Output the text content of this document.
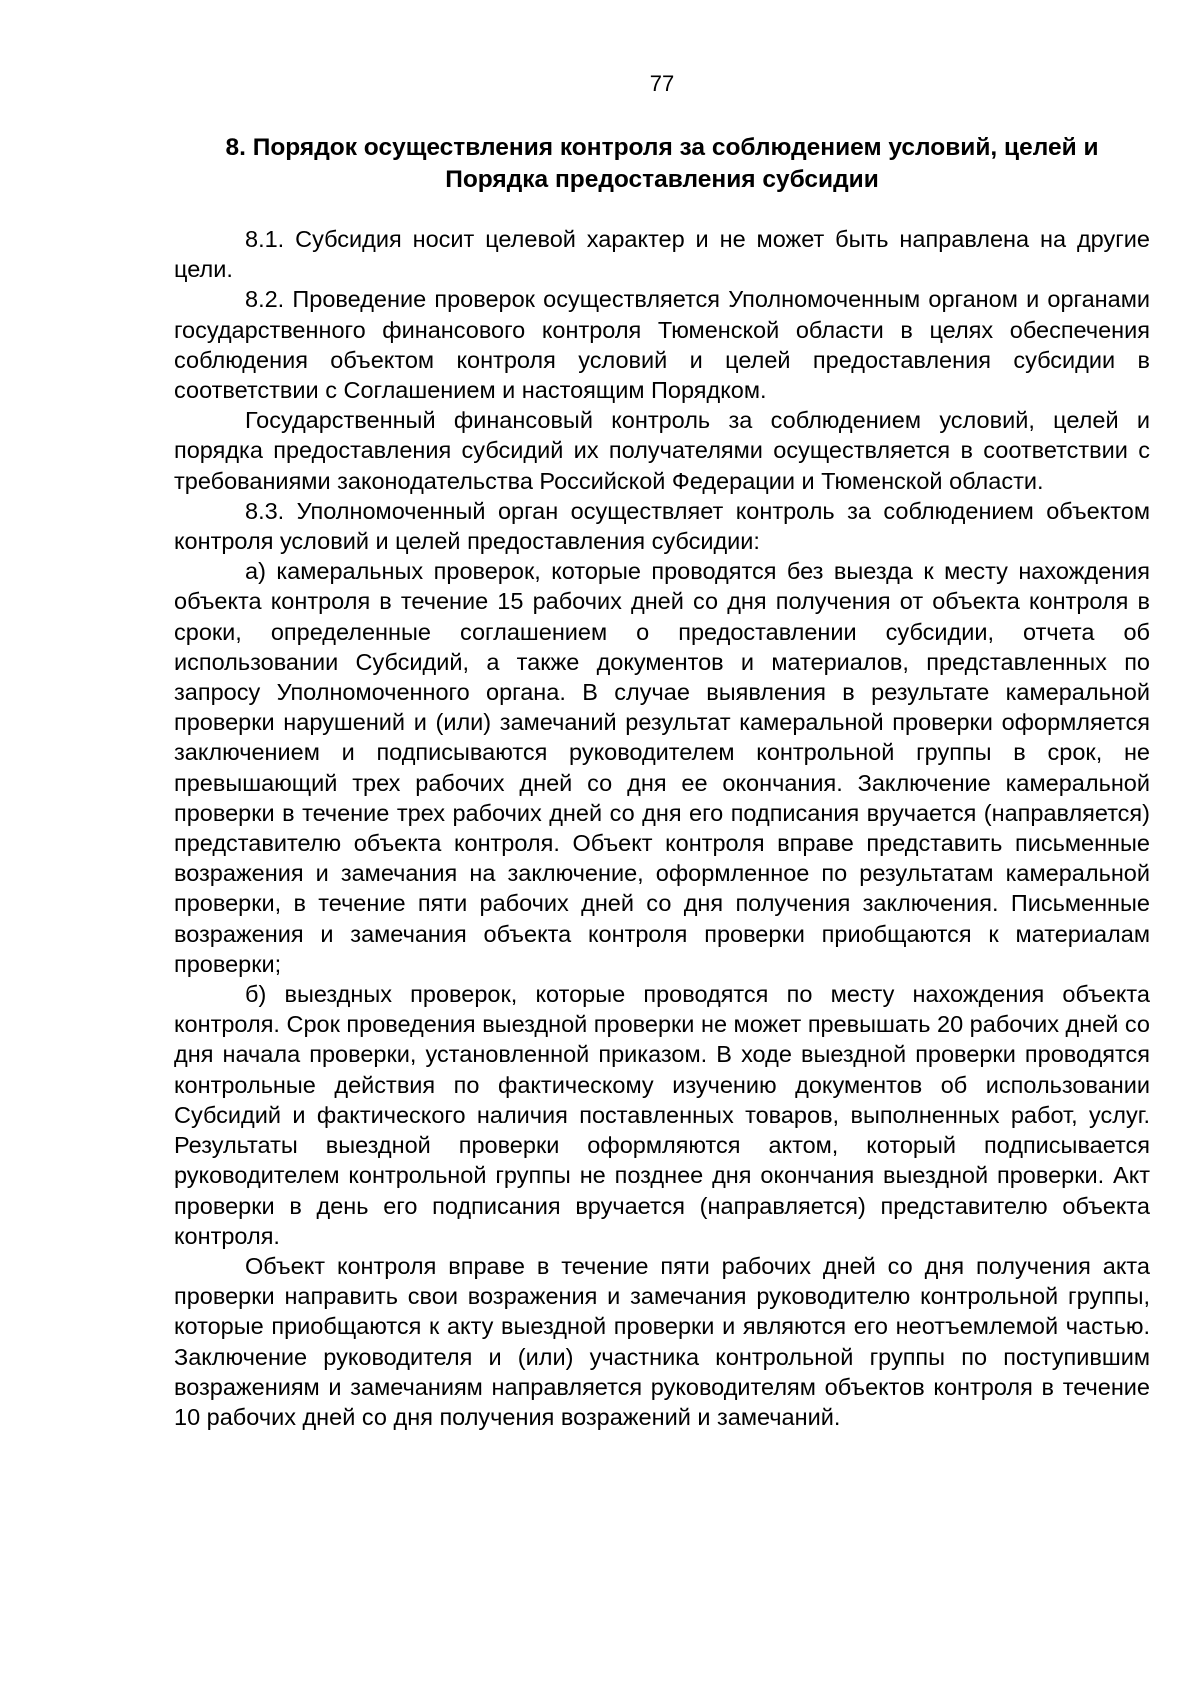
77
8. Порядок осуществления контроля за соблюдением условий, целей и
Порядка предоставления субсидии

8.1. Субсидия носит целевой характер и не может быть направлена на другие цели.

8.2. Проведение проверок осуществляется Уполномоченным органом и органами государственного финансового контроля Тюменской области в целях обеспечения соблюдения объектом контроля условий и целей предоставления субсидии в соответствии с Соглашением и настоящим Порядком.

Государственный финансовый контроль за соблюдением условий, целей и порядка предоставления субсидий их получателями осуществляется в соответствии с требованиями законодательства Российской Федерации и Тюменской области.

8.3. Уполномоченный орган осуществляет контроль за соблюдением объектом контроля условий и целей предоставления субсидии:

а) камеральных проверок, которые проводятся без выезда к месту нахождения объекта контроля в течение 15 рабочих дней со дня получения от объекта контроля в сроки, определенные соглашением о предоставлении субсидии, отчета об использовании Субсидий, а также документов и материалов, представленных по запросу Уполномоченного органа. В случае выявления в результате камеральной проверки нарушений и (или) замечаний результат камеральной проверки оформляется заключением и подписываются руководителем контрольной группы в срок, не превышающий трех рабочих дней со дня ее окончания. Заключение камеральной проверки в течение трех рабочих дней со дня его подписания вручается (направляется) представителю объекта контроля. Объект контроля вправе представить письменные возражения и замечания на заключение, оформленное по результатам камеральной проверки, в течение пяти рабочих дней со дня получения заключения. Письменные возражения и замечания объекта контроля проверки приобщаются к материалам проверки;

б) выездных проверок, которые проводятся по месту нахождения объекта контроля. Срок проведения выездной проверки не может превышать 20 рабочих дней со дня начала проверки, установленной приказом. В ходе выездной проверки проводятся контрольные действия по фактическому изучению документов об использовании Субсидий и фактического наличия поставленных товаров, выполненных работ, услуг. Результаты выездной проверки оформляются актом, который подписывается руководителем контрольной группы не позднее дня окончания выездной проверки. Акт проверки в день его подписания вручается (направляется) представителю объекта контроля.

Объект контроля вправе в течение пяти рабочих дней со дня получения акта проверки направить свои возражения и замечания руководителю контрольной группы, которые приобщаются к акту выездной проверки и являются его неотъемлемой частью. Заключение руководителя и (или) участника контрольной группы по поступившим возражениям и замечаниям направляется руководителям объектов контроля в течение 10 рабочих дней со дня получения возражений и замечаний.
